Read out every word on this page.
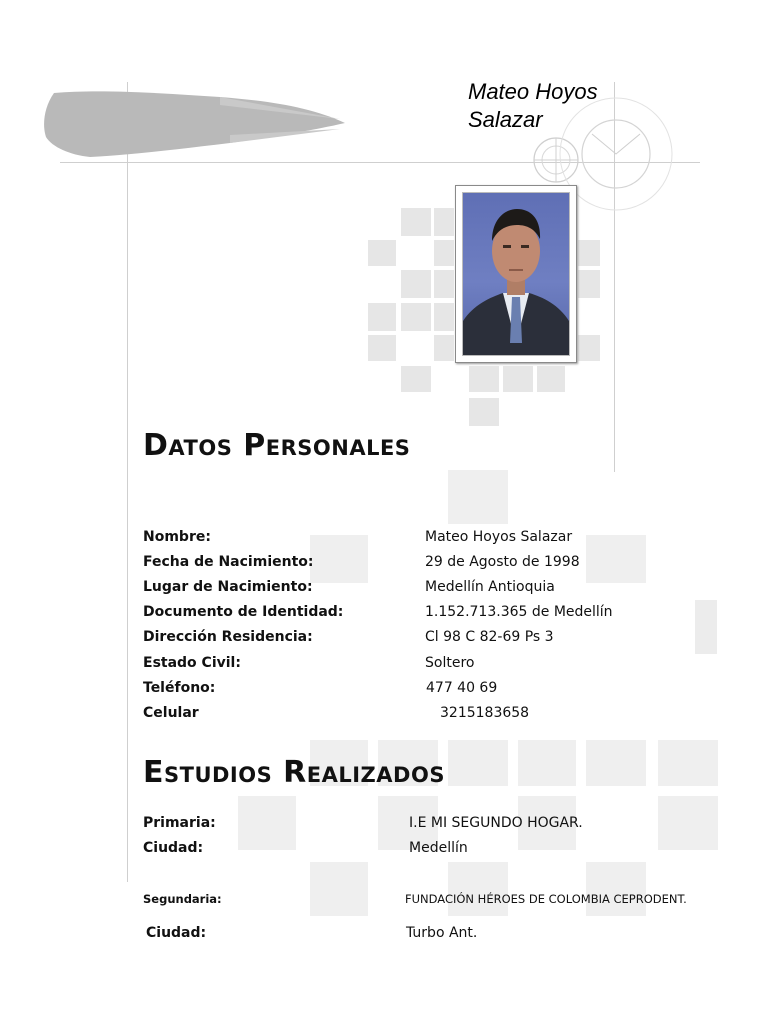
Mateo Hoyos
Salazar
Datos Personales
Nombre:	Mateo Hoyos Salazar
Fecha de Nacimiento:	29 de Agosto de 1998
Lugar de Nacimiento:	Medellín Antioquia
Documento de Identidad:	1.152.713.365 de Medellín
Dirección Residencia:	Cl 98 C 82-69 Ps 3
Estado Civil:	Soltero
Teléfono:	477 40 69
Celular	3215183658
Estudios Realizados
Primaria:	I.E MI SEGUNDO HOGAR.
Ciudad:	Medellín
Segundaria:	FUNDACIÓN HÉROES DE COLOMBIA CEPRODENT.
Ciudad:	Turbo Ant.
